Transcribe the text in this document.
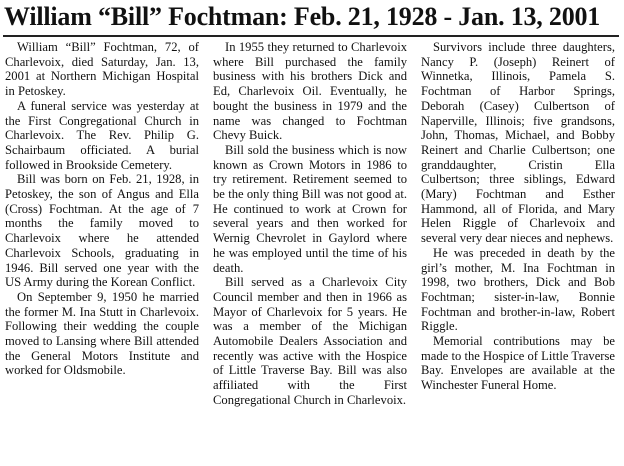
William “Bill” Fochtman: Feb. 21, 1928 - Jan. 13, 2001

William “Bill” Fochtman, 72, of Charlevoix, died Saturday, Jan. 13, 2001 at Northern Michigan Hospital in Petoskey.

A funeral service was yesterday at the First Congregational Church in Charlevoix. The Rev. Philip G. Schairbaum officiated. A burial followed in Brookside Cemetery.

Bill was born on Feb. 21, 1928, in Petoskey, the son of Angus and Ella (Cross) Fochtman. At the age of 7 months the family moved to Charlevoix where he attended Charlevoix Schools, graduating in 1946. Bill served one year with the US Army during the Korean Conflict.

On September 9, 1950 he married the former M. Ina Stutt in Charlevoix. Following their wedding the couple moved to Lansing where Bill attended the General Motors Institute and worked for Oldsmobile.

In 1955 they returned to Charlevoix where Bill purchased the family business with his brothers Dick and Ed, Charlevoix Oil. Eventually, he bought the business in 1979 and the name was changed to Fochtman Chevy Buick.

Bill sold the business which is now known as Crown Motors in 1986 to try retirement. Retirement seemed to be the only thing Bill was not good at. He continued to work at Crown for several years and then worked for Wernig Chevrolet in Gaylord where he was employed until the time of his death.

Bill served as a Charlevoix City Council member and then in 1966 as Mayor of Charlevoix for 5 years. He was a member of the Michigan Automobile Dealers Association and recently was active with the Hospice of Little Traverse Bay. Bill was also affiliated with the First Congregational Church in Charlevoix.

Survivors include three daughters, Nancy P. (Joseph) Reinert of Winnetka, Illinois, Pamela S. Fochtman of Harbor Springs, Deborah (Casey) Culbertson of Naperville, Illinois; five grandsons, John, Thomas, Michael, and Bobby Reinert and Charlie Culbertson; one granddaughter, Cristin Ella Culbertson; three siblings, Edward (Mary) Fochtman and Esther Hammond, all of Florida, and Mary Helen Riggle of Charlevoix and several very dear nieces and nephews.

He was preceded in death by the girl’s mother, M. Ina Fochtman in 1998, two brothers, Dick and Bob Fochtman; sister-in-law, Bonnie Fochtman and brother-in-law, Robert Riggle.

Memorial contributions may be made to the Hospice of Little Traverse Bay. Envelopes are available at the Winchester Funeral Home.
